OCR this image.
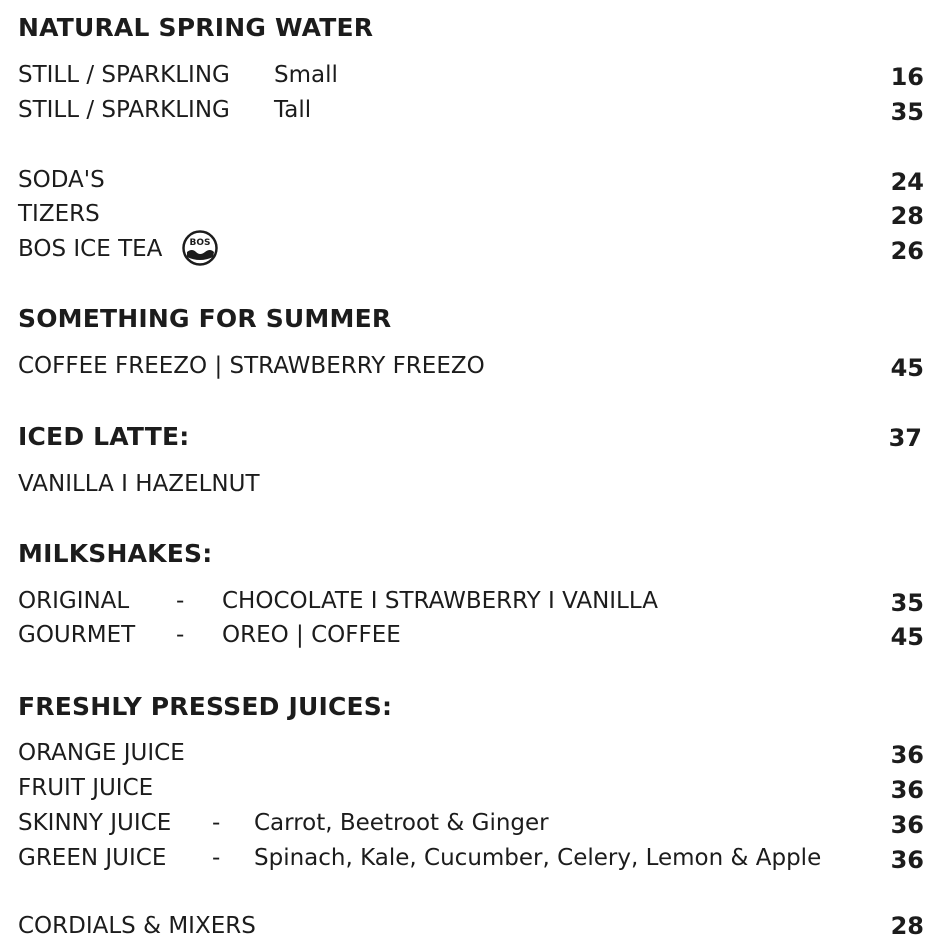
NATURAL SPRING WATER
STILL / SPARKLING Small	16
STILL / SPARKLING Tall	35
SODA'S	24
TIZERS	28
BOS ICE TEA	BOS	26
SOMETHING FOR SUMMER
COFFEE FREEZO | STRAWBERRY FREEZO	45
ICED LATTE:	37
VANILLA I HAZELNUT
MILKSHAKES:
ORIGINAL - CHOCOLATE I STRAWBERRY I VANILLA	35
GOURMET - OREO | COFFEE	45
FRESHLY PRESSED JUICES:
ORANGE JUICE	36
FRUIT JUICE	36
SKINNY JUICE - Carrot, Beetroot & Ginger	36
GREEN JUICE - Spinach, Kale, Cucumber, Celery, Lemon & Apple	36
CORDIALS & MIXERS	28
